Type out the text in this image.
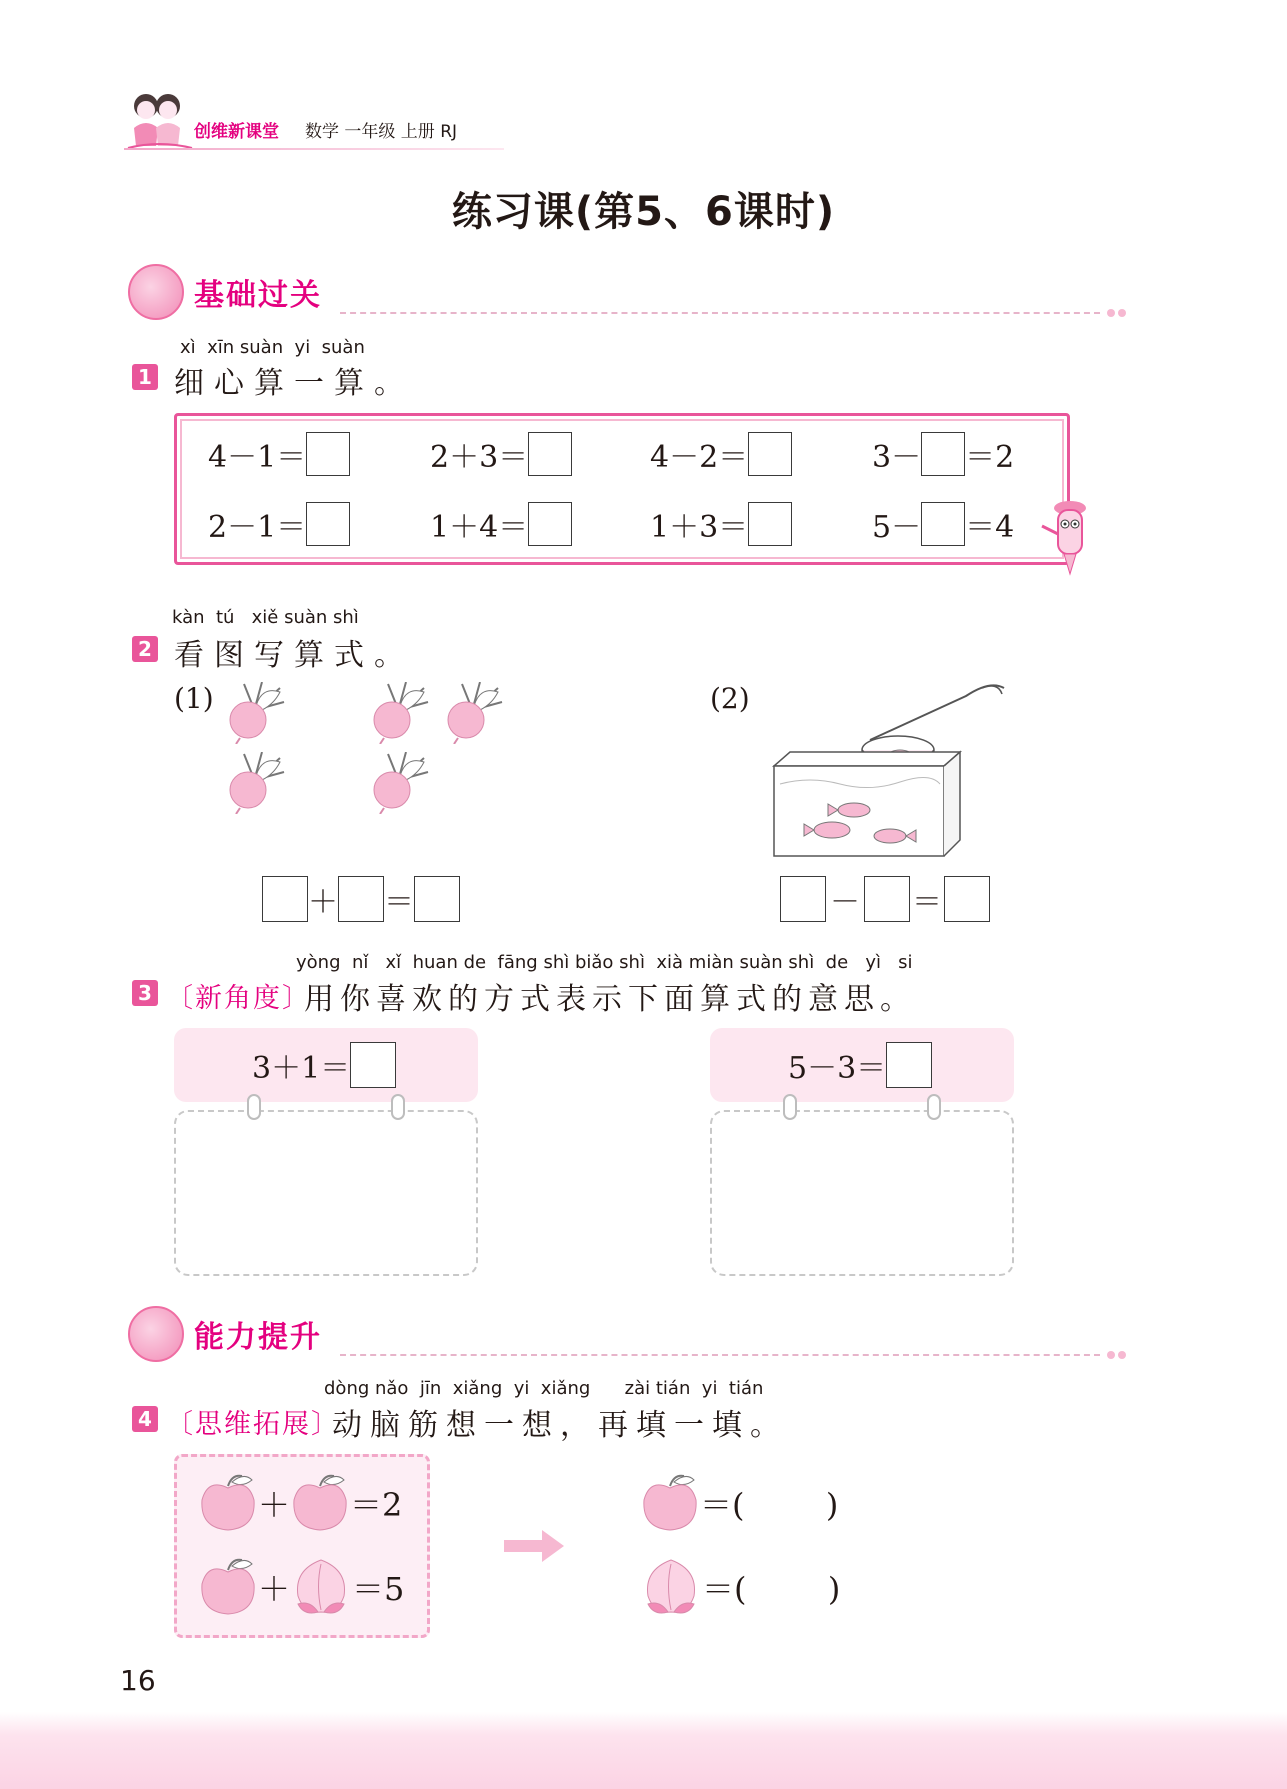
创维新课堂 数学 一年级 上册 RJ
练习课(第5、6课时)
基础过关
xì  xīn suàn  yi  suàn
1 细心算一算。
4－1＝	2＋3＝	4－2＝	3－ ＝2
2－1＝	1＋4＝	1＋3＝	5－ ＝4
kàn  tú   xiě suàn shì
2 看图写算式。
(1)	(2)
＋ ＝	－ ＝
yòng  nǐ   xǐ  huan de  fāng shì biǎo shì  xià miàn suàn shì  de   yì   si
3 〔新角度〕
用你喜欢的方式表示下面算式的意思。
3＋1＝	5－3＝
能力提升
dòng nǎo  jīn  xiǎng  yi  xiǎng      zài tián  yi  tián
4 〔思维拓展〕
动脑筋想一想，再填一填。
＋ ＝2
＋ ＝5
＝(        )
＝(        )
16
